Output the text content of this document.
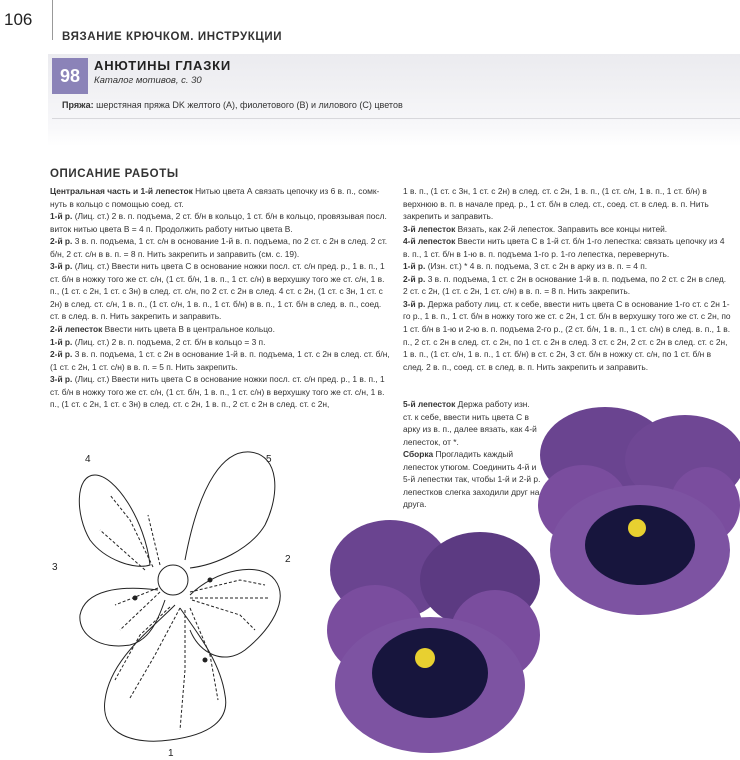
106
ВЯЗАНИЕ КРЮЧКОМ. ИНСТРУКЦИИ
98
АНЮТИНЫ ГЛАЗКИ
Каталог мотивов, с. 30
Пряжа: шерстяная пряжа DK желтого (А), фиолетового (В) и лилового (С) цветов
ОПИСАНИЕ РАБОТЫ

Центральная часть и 1-й лепесток Нитью цвета А связать цепочку из 6 в. п., сомк-нуть в кольцо с помощью соед. ст.

1-й р. (Лиц. ст.) 2 в. п. подъема, 2 ст. б/н в кольцо, 1 ст. б/н в кольцо, провязывая посл. виток нитью цвета В = 4 п. Продолжить работу нитью цвета В.

2-й р. 3 в. п. подъема, 1 ст. с/н в основание 1-й в. п. подъема, по 2 ст. с 2н в след. 2 ст. б/н, 2 ст. с/н в в. п. = 8 п. Нить закрепить и заправить (см. с. 19).

3-й р. (Лиц. ст.) Ввести нить цвета С в основание ножки посл. ст. с/н пред. р., 1 в. п., 1 ст. б/н в ножку того же ст. с/н, (1 ст. б/н, 1 в. п., 1 ст. с/н) в верхушку того же ст. с/н, 1 в. п., (1 ст. с 2н, 1 ст. с 3н) в след. ст. с/н, по 2 ст. с 2н в след. 4 ст. с 2н, (1 ст. с 3н, 1 ст. с 2н) в след. ст. с/н, 1 в. п., (1 ст. с/н, 1 в. п., 1 ст. б/н) в в. п., 1 ст. б/н в след. в. п., соед. ст. в след. в. п. Нить закрепить и заправить.

2-й лепесток Ввести нить цвета В в центральное кольцо.

1-й р. (Лиц. ст.) 2 в. п. подъема, 2 ст. б/н в кольцо = 3 п.

2-й р. 3 в. п. подъема, 1 ст. с 2н в основание 1-й в. п. подъема, 1 ст. с 2н в след. ст. б/н, (1 ст. с 2н, 1 ст. с/н) в в. п. = 5 п. Нить закрепить.

3-й р. (Лиц. ст.) Ввести нить цвета С в основание ножки посл. ст. с/н пред. р., 1 в. п., 1 ст. б/н в ножку того же ст. с/н, (1 ст. б/н, 1 в. п., 1 ст. с/н) в верхушку того же ст. с/н, 1 в. п., (1 ст. с 2н, 1 ст. с 3н) в след. ст. с 2н, 1 в. п., 2 ст. с 2н в след. ст. с 2н,

1 в. п., (1 ст. с 3н, 1 ст. с 2н) в след. ст. с 2н, 1 в. п., (1 ст. с/н, 1 в. п., 1 ст. б/н) в верхнюю в. п. в начале пред. р., 1 ст. б/н в след. ст., соед. ст. в след. в. п. Нить закрепить и заправить.

3-й лепесток Вязать, как 2-й лепесток. Заправить все концы нитей.

4-й лепесток Ввести нить цвета С в 1-й ст. б/н 1-го лепестка: связать цепочку из 4 в. п., 1 ст. б/н в 1-ю в. п. подъема 1-го р. 1-го лепестка, перевернуть.

1-й р. (Изн. ст.) * 4 в. п. подъема, 3 ст. с 2н в арку из в. п. = 4 п.

2-й р. 3 в. п. подъема, 1 ст. с 2н в основание 1-й в. п. подъема, по 2 ст. с 2н в след. 2 ст. с 2н, (1 ст. с 2н, 1 ст. с/н) в в. п. = 8 п. Нить закрепить.

3-й р. Держа работу лиц. ст. к себе, ввести нить цвета С в основание 1-го ст. с 2н 1-го р., 1 в. п., 1 ст. б/н в ножку того же ст. с 2н, 1 ст. б/н в верхушку того же ст. с 2н, по 1 ст. б/н в 1-ю и 2-ю в. п. подъема 2-го р., (2 ст. б/н, 1 в. п., 1 ст. с/н) в след. в. п., 1 в. п., 2 ст. с 2н в след. ст. с 2н, по 1 ст. с 2н в след. 3 ст. с 2н, 2 ст. с 2н в след. ст. с 2н, 1 в. п., (1 ст. с/н, 1 в. п., 1 ст. б/н) в ст. с 2н, 3 ст. б/н в ножку ст. с/н, по 1 ст. б/н в след. 2 в. п., соед. ст. в след. в. п. Нить закрепить и заправить.

5-й лепесток Держа работу изн. ст. к себе, ввести нить цвета С в арку из в. п., далее вязать, как 4-й лепесток, от *.

Сборка Прогладить каждый лепесток утюгом. Соединить 4-й и 5-й лепестки так, чтобы 1-й и 2-й р. лепестков слегка заходили друг на друга.

4	5
3
2
1
